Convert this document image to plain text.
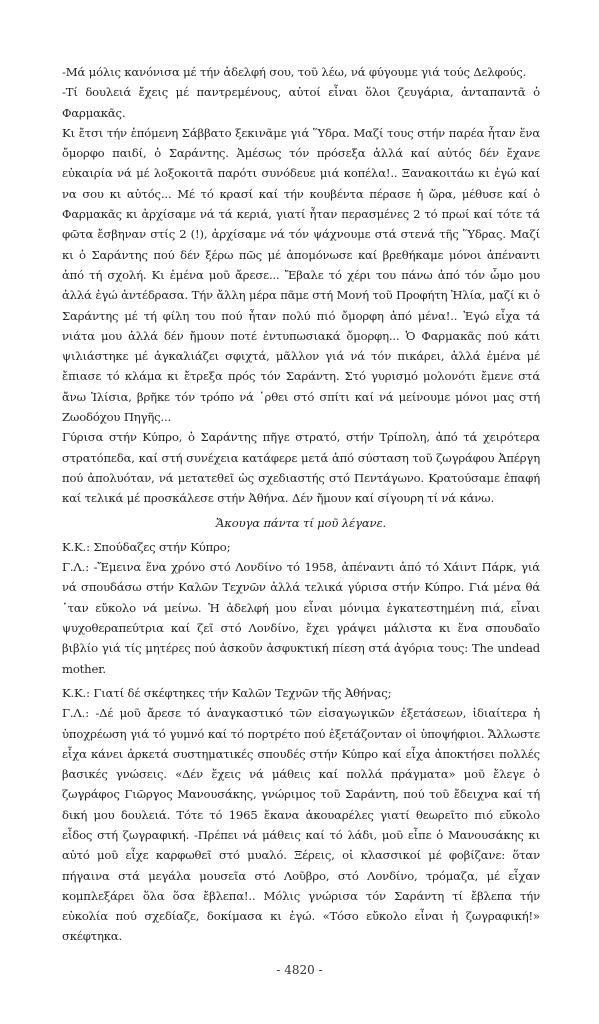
-Μά μόλις κανόνισα μέ τήν ἀδελφή σου, τοῦ λέω, νά φύγουμε γιά τούς Δελφούς.

-Τί δουλειά ἔχεις μέ παντρεμένους, αὐτοί εἶναι ὅλοι ζευγάρια, ἀνταπαντᾶ ὁ Φαρμακᾶς.

Κι ἔτσι τήν ἑπόμενη Σάββατο ξεκινᾶμε γιά Ὕδρα. Μαζί τους στήν παρέα ἦταν ἕνα ὄμορφο παιδί, ὁ Σαράντης. Ἀμέσως τόν πρόσεξα ἀλλά καί αὐτός δέν ἔχανε εὐκαιρία νά μέ λοξοκοιτᾶ παρότι συνόδευε μιά κοπέλα!.. Ξανακοιτάω κι ἐγώ καί να σου κι αὐτός... Μέ τό κρασί καί τήν κουβέντα πέρασε ἡ ὥρα, μέθυσε καί ὁ Φαρμακᾶς κι ἀρχίσαμε νά τά κεριά, γιατί ἦταν περασμένες 2 τό πρωί καί τότε τά φῶτα ἔσβηναν στίς 2 (!), ἀρχίσαμε νά τόν ψάχνουμε στά στενά τῆς Ὕδρας. Μαζί κι ὁ Σαράντης πού δέν ξέρω πῶς μέ ἀπομόνωσε καί βρεθήκαμε μόνοι ἀπέναντι ἀπό τή σχολή. Κι ἐμένα μοῦ ἄρεσε... Ἔβαλε τό χέρι του πάνω ἀπό τόν ὦμο μου ἀλλά ἐγώ ἀντέδρασα. Τήν ἄλλη μέρα πᾶμε στή Μονή τοῦ Προφήτη Ἠλία, μαζί κι ὁ Σαράντης μέ τή φίλη του πού ἦταν πολύ πιό ὄμορφη ἀπό μένα!.. Ἐγώ εἶχα τά νιάτα μου ἀλλά δέν ἤμουν ποτέ ἐντυπωσιακά ὄμορφη... Ὁ Φαρμακᾶς πού κάτι ψιλιάστηκε μέ ἀγκαλιάζει σφιχτά, μᾶλλον γιά νά τόν πικάρει, ἀλλά ἐμένα μέ ἔπιασε τό κλάμα κι ἔτρεξα πρός τόν Σαράντη. Στό γυρισμό μολονότι ἔμενε στά ἄνω Ἰλίσια, βρῆκε τόν τρόπο νά ῾ρθει στό σπίτι καί νά μείνουμε μόνοι μας στή Ζωοδόχου Πηγῆς...

Γύρισα στήν Κύπρο, ὁ Σαράντης πῆγε στρατό, στήν Τρίπολη, ἀπό τά χειρότερα στρατόπεδα, καί στή συνέχεια κατάφερε μετά ἀπό σύσταση τοῦ ζωγράφου Ἀπέργη πού ἀπολυόταν, νά μετατεθεῖ ὡς σχεδιαστής στό Πεντάγωνο. Κρατούσαμε ἐπαφή καί τελικά μέ προσκάλεσε στήν Ἀθήνα. Δέν ἤμουν καί σίγουρη τί νά κάνω.

Ἄκουγα πάντα τί μοῦ λέγανε.

Κ.Κ.: Σπούδαζες στήν Κύπρο;

Γ.Λ.: -Ἔμεινα ἕνα χρόνο στό Λονδίνο τό 1958, ἀπέναντι ἀπό τό Χάιντ Πάρκ, γιά νά σπουδάσω στήν Καλῶν Τεχνῶν ἀλλά τελικά γύρισα στήν Κύπρο. Γιά μένα θά ῾ταν εὔκολο νά μείνω. Ἡ ἀδελφή μου εἶναι μόνιμα ἐγκατεστημένη πιά, εἶναι ψυχοθεραπεύτρια καί ζεῖ στό Λονδίνο, ἔχει γράψει μάλιστα κι ἕνα σπουδαῖο βιβλίο γιά τίς μητέρες πού ἀσκοῦν ἀσφυκτική πίεση στά ἀγόρια τους: The undead mother.

Κ.Κ.: Γιατί δέ σκέφτηκες τήν Καλῶν Τεχνῶν τῆς Ἀθήνας;

Γ.Λ.: -Δέ μοῦ ἄρεσε τό ἀναγκαστικό τῶν εἰσαγωγικῶν ἐξετάσεων, ἰδιαίτερα ἡ ὑποχρέωση γιά τό γυμνό καί τό πορτρέτο πού ἐξετάζονταν οἱ ὑποψήφιοι. Ἄλλωστε εἶχα κάνει ἀρκετά συστηματικές σπουδές στήν Κύπρο καί εἶχα ἀποκτήσει πολλές βασικές γνώσεις. «Δέν ἔχεις νά μάθεις καί πολλά πράγματα» μοῦ ἔλεγε ὁ ζωγράφος Γιῶργος Μανουσάκης, γνώριμος τοῦ Σαράντη, πού τοῦ ἔδειχνα καί τή δική μου δουλειά. Τότε τό 1965 ἔκανα ἀκουαρέλες γιατί θεωρεῖτο πιό εὔκολο εἶδος στή ζωγραφική. -Πρέπει νά μάθεις καί τό λάδι, μοῦ εἶπε ὁ Μανουσάκης κι αὐτό μοῦ εἶχε καρφωθεῖ στό μυαλό. Ξέρεις, οἱ κλασσικοί μέ φοβίζανε: ὅταν πήγαινα στά μεγάλα μουσεῖα στό Λοῦβρο, στό Λονδίνο, τρόμαζα, μέ εἶχαν κομπλεξάρει ὅλα ὅσα ἔβλεπα!.. Μόλις γνώρισα τόν Σαράντη τί ἔβλεπα τήν εὐκολία πού σχεδίαζε, δοκίμασα κι ἐγώ. «Τόσο εὔκολο εἶναι ἡ ζωγραφική!» σκέφτηκα.

- 4820 -
